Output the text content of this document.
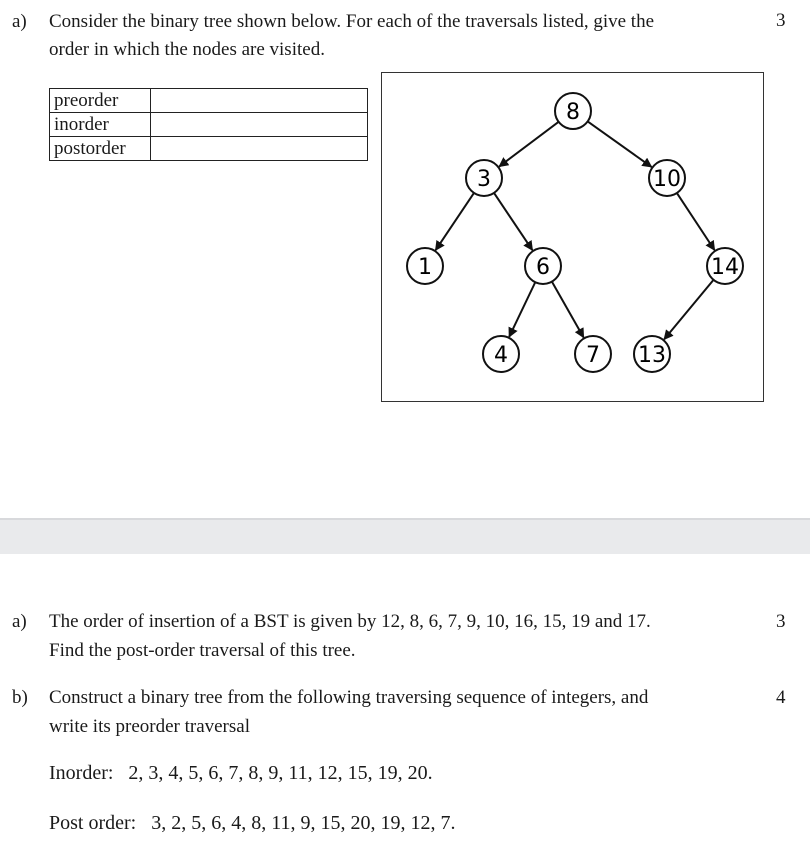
a) Consider the binary tree shown below. For each of the traversals listed, give the
order in which the nodes are visited.
3
preorder	
inorder	
postorder	
8
3	10
1	6	14
4	7 13
a) The order of insertion of a BST is given by 12, 8, 6, 7, 9, 10, 16, 15, 19 and 17.
Find the post-order traversal of this tree.
3
b) Construct a binary tree from the following traversing sequence of integers, and
write its preorder traversal
4
Inorder: 2, 3, 4, 5, 6, 7, 8, 9, 11, 12, 15, 19, 20.
Post order: 3, 2, 5, 6, 4, 8, 11, 9, 15, 20, 19, 12, 7.
